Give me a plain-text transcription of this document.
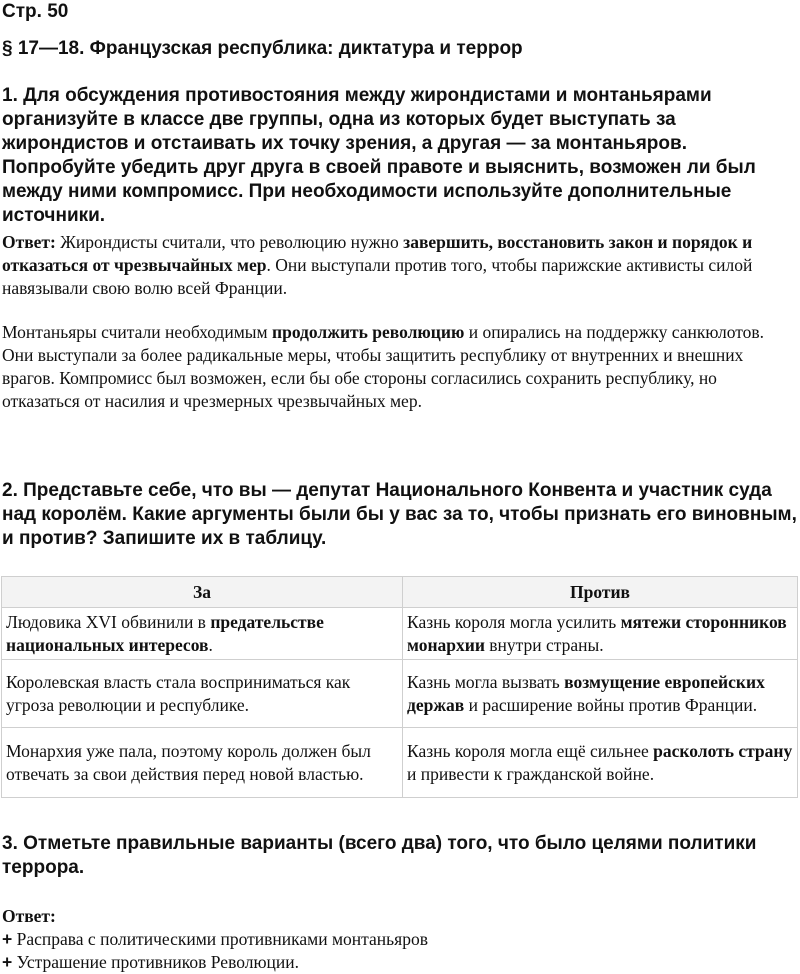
Стр. 50
§ 17—18. Французская республика: диктатура и террор
1. Для обсуждения противостояния между жирондистами и монтаньярами организуйте в классе две группы, одна из которых будет выступать за жирондистов и отстаивать их точку зрения, а другая — за монтаньяров. Попробуйте убедить друг друга в своей правоте и выяснить, возможен ли был между ними компромисс. При необходимости используйте дополнительные источники.
Ответ: Жирондисты считали, что революцию нужно завершить, восстановить закон и порядок и отказаться от чрезвычайных мер. Они выступали против того, чтобы парижские активисты силой навязывали свою волю всей Франции.
Монтаньяры считали необходимым продолжить революцию и опирались на поддержку санкюлотов. Они выступали за более радикальные меры, чтобы защитить республику от внутренних и внешних врагов. Компромисс был возможен, если бы обе стороны согласились сохранить республику, но отказаться от насилия и чрезмерных чрезвычайных мер.
2. Представьте себе, что вы — депутат Национального Конвента и участник суда над королём. Какие аргументы были бы у вас за то, чтобы признать его виновным, и против? Запишите их в таблицу.
За	Против
Людовика XVI обвинили в предательстве национальных интересов.	Казнь короля могла усилить мятежи сторонников монархии внутри страны.
Королевская власть стала восприниматься как угроза революции и республике.	Казнь могла вызвать возмущение европейских держав и расширение войны против Франции.
Монархия уже пала, поэтому король должен был отвечать за свои действия перед новой властью.	Казнь короля могла ещё сильнее расколоть страну и привести к гражданской войне.
3. Отметьте правильные варианты (всего два) того, что было целями политики террора.
Ответ:
+ Расправа с политическими противниками монтаньяров
+ Устрашение противников Революции.
